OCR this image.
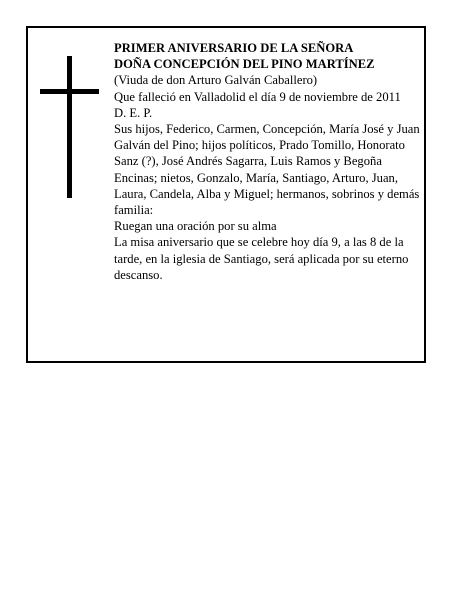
PRIMER ANIVERSARIO DE LA SEÑORA

DOÑA CONCEPCIÓN DEL PINO MARTÍNEZ

(Viuda de don Arturo Galván Caballero)

Que falleció en Valladolid el día 9 de noviembre de 2011

D. E. P.

Sus hijos, Federico, Carmen, Concepción, María José y Juan Galván del Pino; hijos políticos, Prado Tomillo, Honorato Sanz (?), José Andrés Sagarra, Luis Ramos y Begoña Encinas; nietos, Gonzalo, María, Santiago, Arturo, Juan, Laura, Candela, Alba y Miguel; hermanos, sobrinos y demás familia:

Ruegan una oración por su alma

La misa aniversario que se celebre hoy día 9, a las 8 de la tarde, en la iglesia de Santiago, será aplicada por su eterno descanso.
